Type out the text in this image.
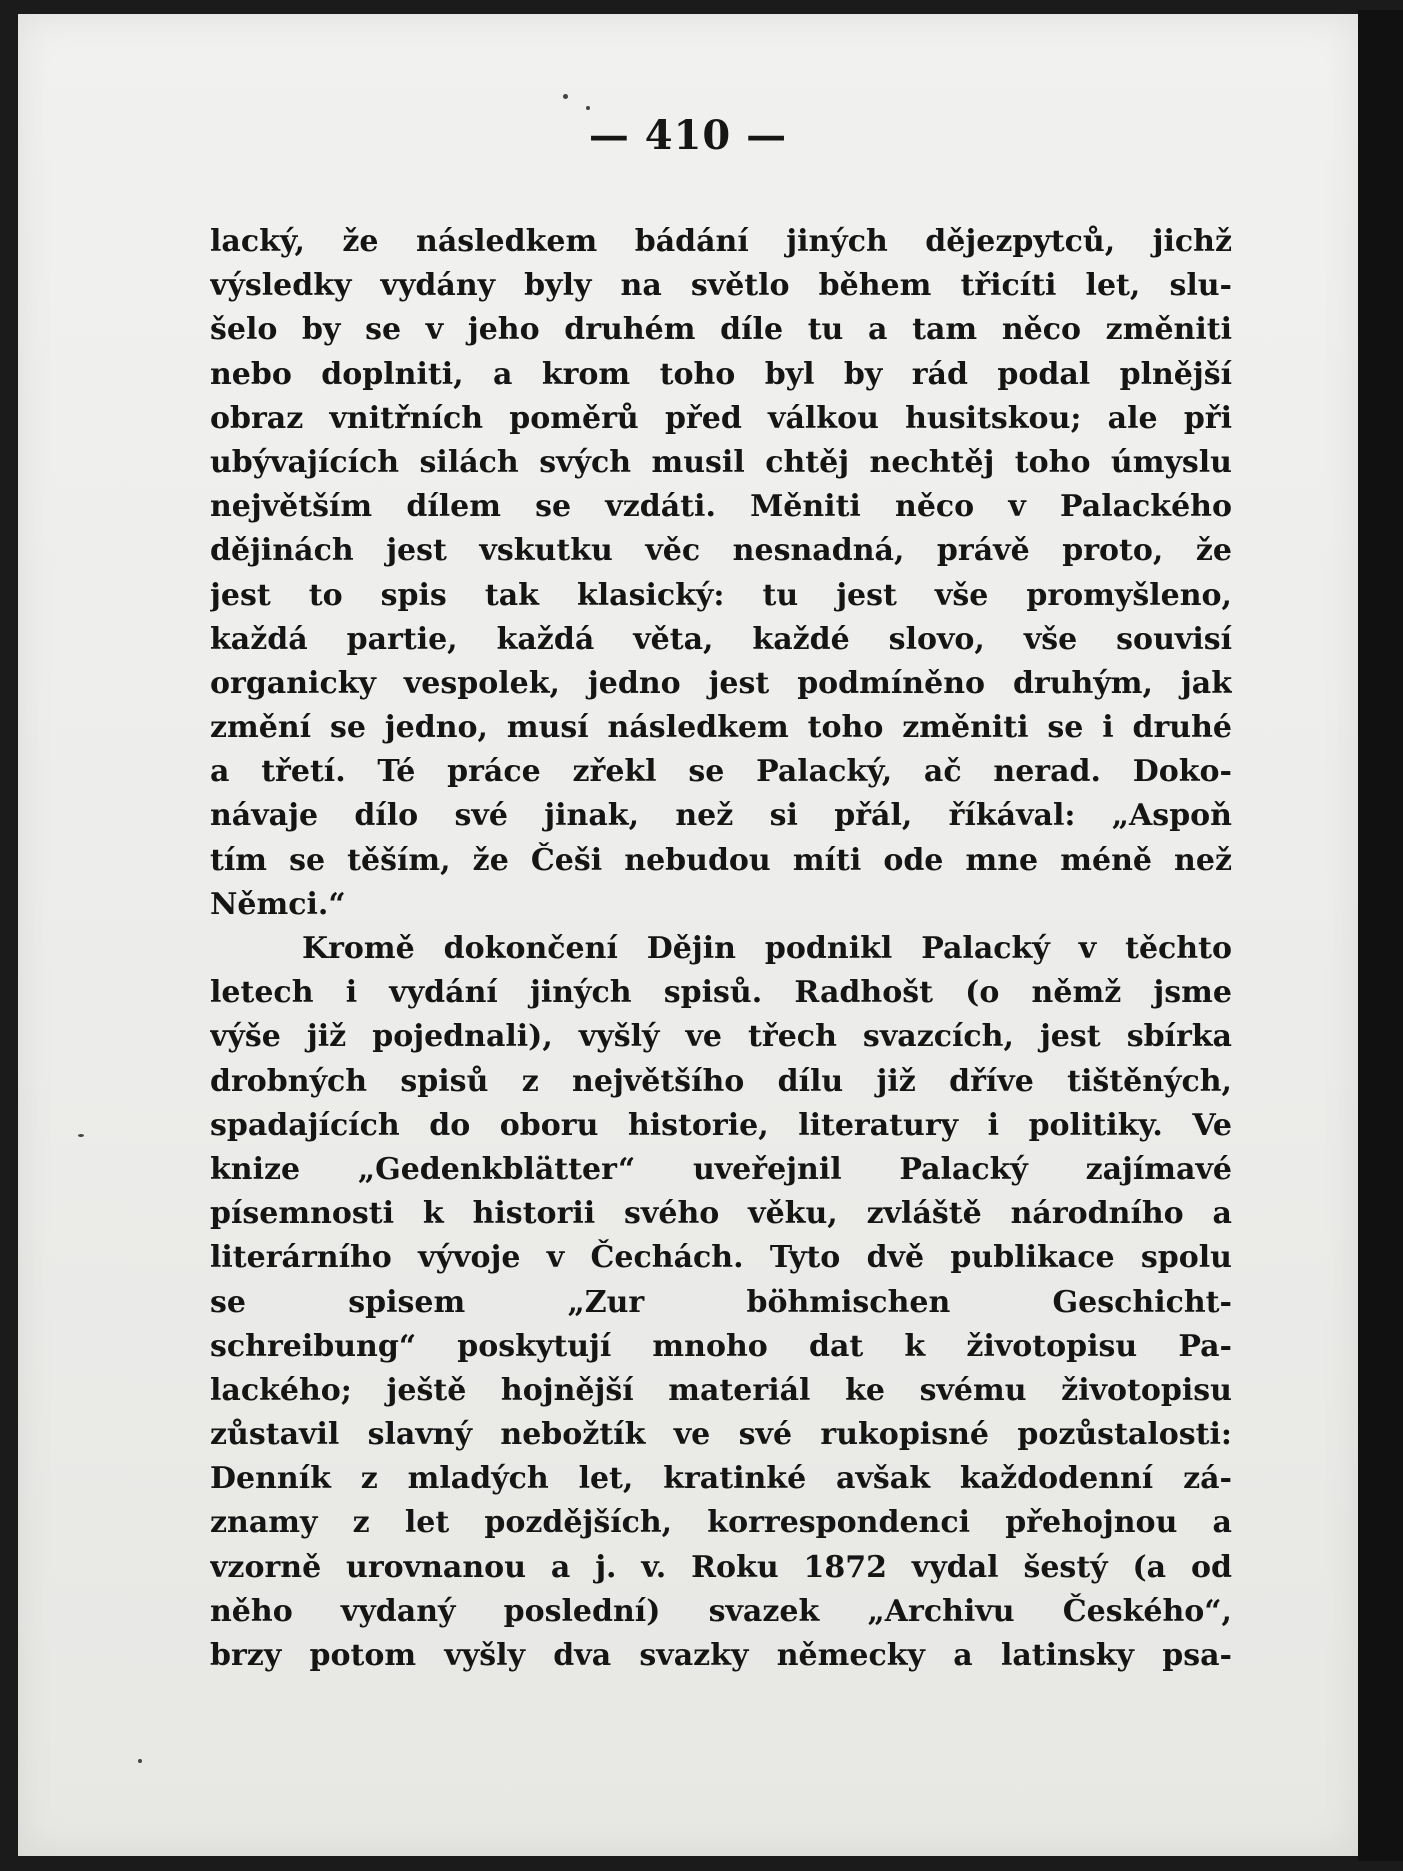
— 410 —
lacký, že následkem bádání jiných dějezpytců, jichž
výsledky vydány byly na světlo během třicíti let, slu-
šelo by se v jeho druhém díle tu a tam něco změniti
nebo doplniti, a krom toho byl by rád podal plnější
obraz vnitřních poměrů před válkou husitskou; ale při
ubývajících silách svých musil chtěj nechtěj toho úmyslu
největším dílem se vzdáti. Měniti něco v Palackého
dějinách jest vskutku věc nesnadná, právě proto, že
jest to spis tak klasický: tu jest vše promyšleno,
každá partie, každá věta, každé slovo, vše souvisí
organicky vespolek, jedno jest podmíněno druhým, jak
změní se jedno, musí následkem toho změniti se i druhé
a třetí. Té práce zřekl se Palacký, ač nerad. Doko-
návaje dílo své jinak, než si přál, říkával: „Aspoň
tím se těším, že Češi nebudou míti ode mne méně než
Němci.“
Kromě dokončení Dějin podnikl Palacký v těchto
letech i vydání jiných spisů. Radhošt (o němž jsme
výše již pojednali), vyšlý ve třech svazcích, jest sbírka
drobných spisů z největšího dílu již dříve tištěných,
spadajících do oboru historie, literatury i politiky. Ve
knize „Gedenkblätter“ uveřejnil Palacký zajímavé
písemnosti k historii svého věku, zvláště národního a
literárního vývoje v Čechách. Tyto dvě publikace spolu
se spisem „Zur böhmischen Geschicht-
schreibung“ poskytují mnoho dat k životopisu Pa-
lackého; ještě hojnější materiál ke svému životopisu
zůstavil slavný nebožtík ve své rukopisné pozůstalosti:
Denník z mladých let, kratinké avšak každodenní zá-
znamy z let pozdějších, korrespondenci přehojnou a
vzorně urovnanou a j. v. Roku 1872 vydal šestý (a od
něho vydaný poslední) svazek „Archivu Českého“,
brzy potom vyšly dva svazky německy a latinsky psa-
